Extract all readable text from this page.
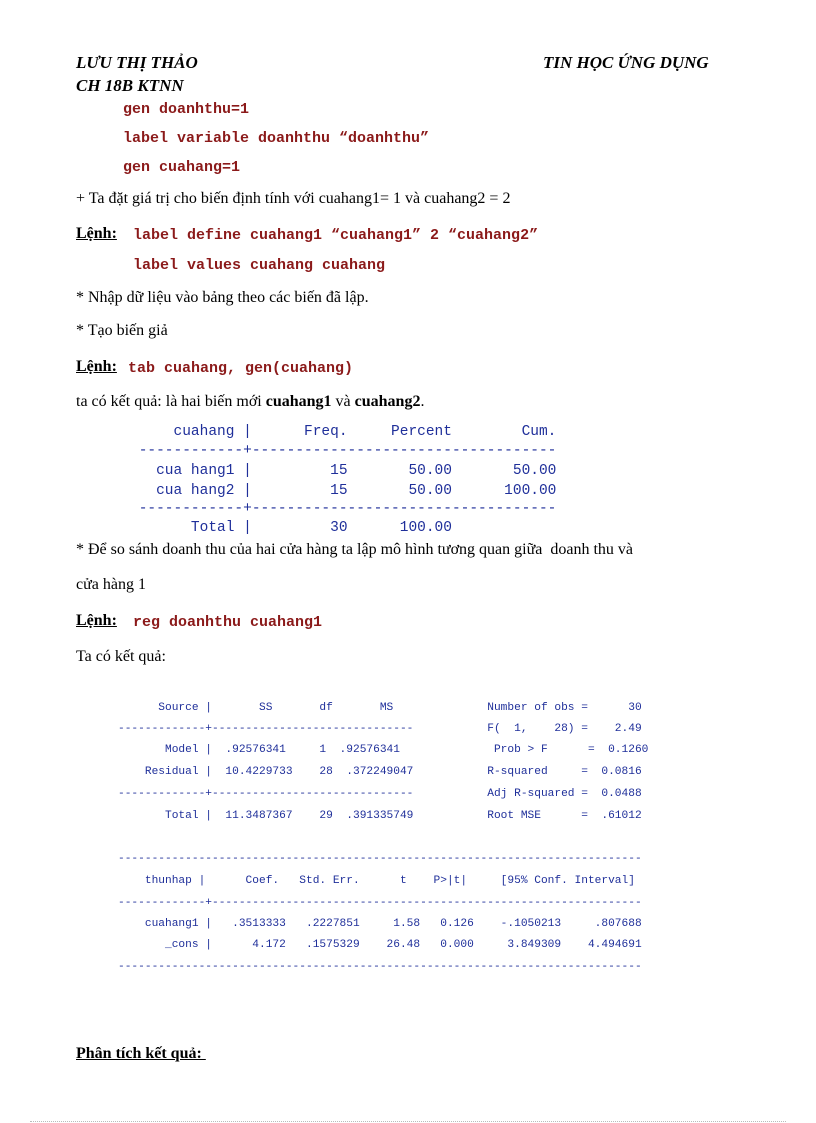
LƯU THỊ THẢO	TIN HỌC ỨNG DỤNG
CH 18B KTNN
gen doanhthu=1
label variable doanhthu “doanhthu”
gen cuahang=1
+ Ta đặt giá trị cho biến định tính với cuahang1= 1 và cuahang2 = 2
Lệnh: label define cuahang1 “cuahang1” 2 “cuahang2”
label values cuahang cuahang
* Nhập dữ liệu vào bảng theo các biến đã lập.
* Tạo biến giả
Lệnh: tab cuahang, gen(cuahang)
ta có kết quả: là hai biến mới cuahang1 và cuahang2.
cuahang |      Freq.     Percent        Cum.
------------+-----------------------------------
cua hang1 |         15       50.00       50.00
cua hang2 |         15       50.00      100.00
------------+-----------------------------------
Total |         30      100.00
* Để so sánh doanh thu của hai cửa hàng ta lập mô hình tương quan giữa  doanh thu và
cửa hàng 1
Lệnh: reg doanhthu cuahang1
Ta có kết quả:
Source |       SS       df       MS              Number of obs =      30
-------------+------------------------------           F(  1,    28) =    2.49
Model |  .92576341     1  .92576341              Prob > F      =  0.1260
Residual |  10.4229733    28  .372249047           R-squared     =  0.0816
-------------+------------------------------           Adj R-squared =  0.0488
Total |  11.3487367    29  .391335749           Root MSE      =  .61012
------------------------------------------------------------------------------
thunhap |      Coef.   Std. Err.      t    P>|t|     [95% Conf. Interval]
-------------+----------------------------------------------------------------
cuahang1 |   .3513333   .2227851     1.58   0.126    -.1050213     .807688
_cons |      4.172   .1575329    26.48   0.000     3.849309    4.494691
------------------------------------------------------------------------------
Phân tích kết quả:
